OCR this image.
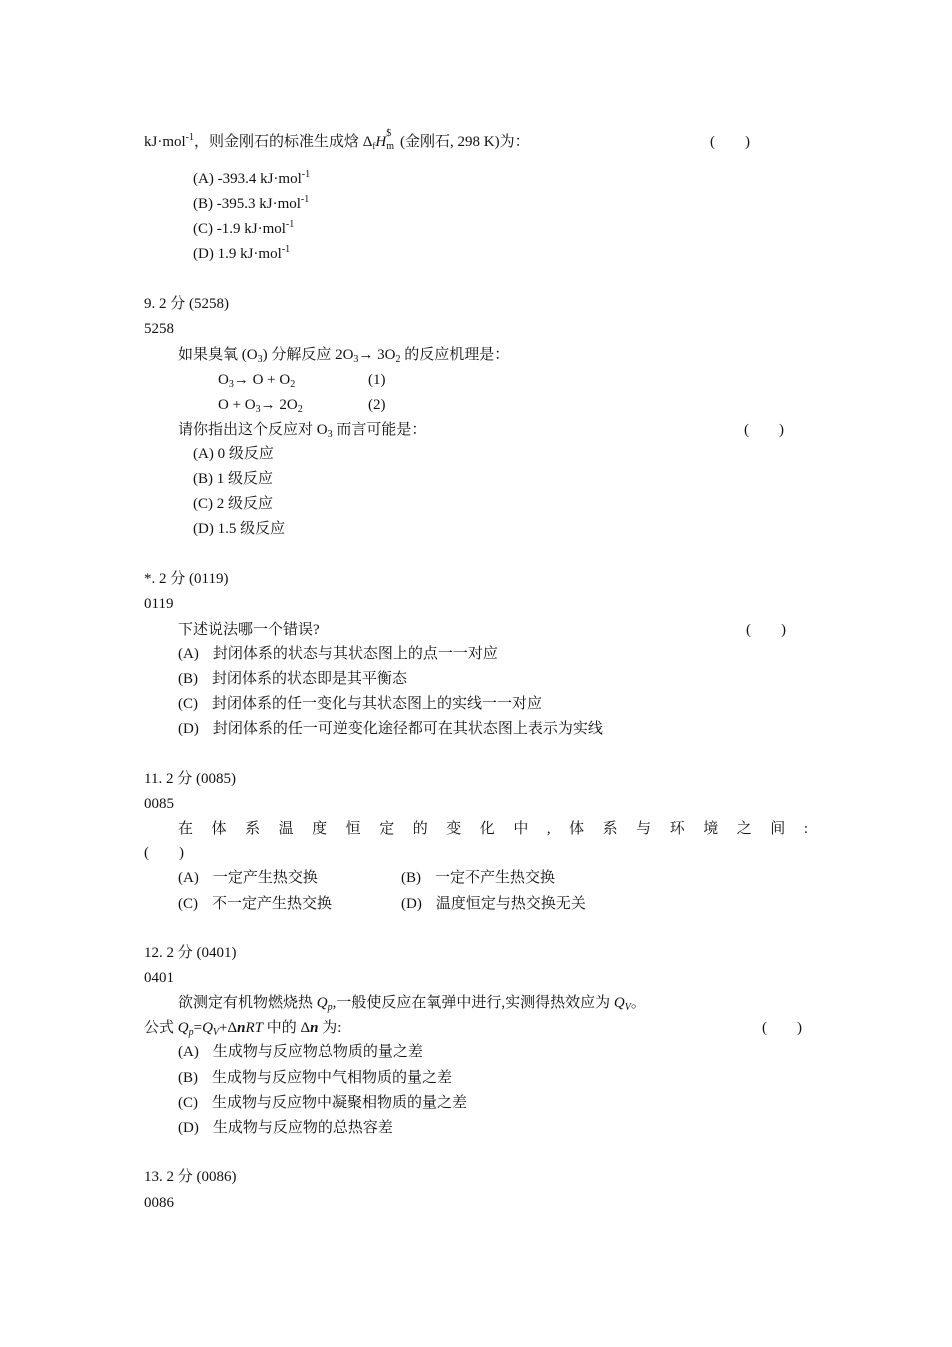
kJ·mol$^{-1}$，则金刚石的标准生成焓 $\Delta_fH$
$
m (金刚石, 298 K)为：	(　　)
(A) -393.4 kJ·mol$^{-1}$
(B) -395.3 kJ·mol$^{-1}$
(C) -1.9 kJ·mol$^{-1}$
(D) 1.9 kJ·mol$^{-1}$
9. 2 分 (5258)
5258
如果臭氧 $(O_3)$ 分解反应 $2O_3\to 3O_2$ 的反应机理是：
$O_3\to O + O_2$	(1)
$O + O_3\to 2O_2$	(2)
请你指出这个反应对 $O_3$ 而言可能是：	(　　)
(A) 0 级反应
(B) 1 级反应
(C) 2 级反应
(D) 1.5 级反应
*. 2 分 (0119)
0119
下述说法哪一个错误?	(　　)
(A) 封闭体系的状态与其状态图上的点一一对应
(B) 封闭体系的状态即是其平衡态
(C) 封闭体系的任一变化与其状态图上的实线一一对应
(D) 封闭体系的任一可逆变化途径都可在其状态图上表示为实线
11. 2 分 (0085)
0085
在 体 系 温 度 恒 定 的 变 化 中 , 体 系 与 环 境 之 间 :
(　　)
(A) 一定产生热交换	(B) 一定不产生热交换
(C) 不一定产生热交换	(D) 温度恒定与热交换无关
12. 2 分 (0401)
0401
欲测定有机物燃烧热 $Q_p$,一般使反应在氧弹中进行,实测得热效应为 $Q_V$。
公式 $Q_p=Q_V+\Delta nRT$ 中的 Δn 为:	(　　)
(A) 生成物与反应物总物质的量之差
(B) 生成物与反应物中气相物质的量之差
(C) 生成物与反应物中凝聚相物质的量之差
(D) 生成物与反应物的总热容差
13. 2 分 (0086)
0086
